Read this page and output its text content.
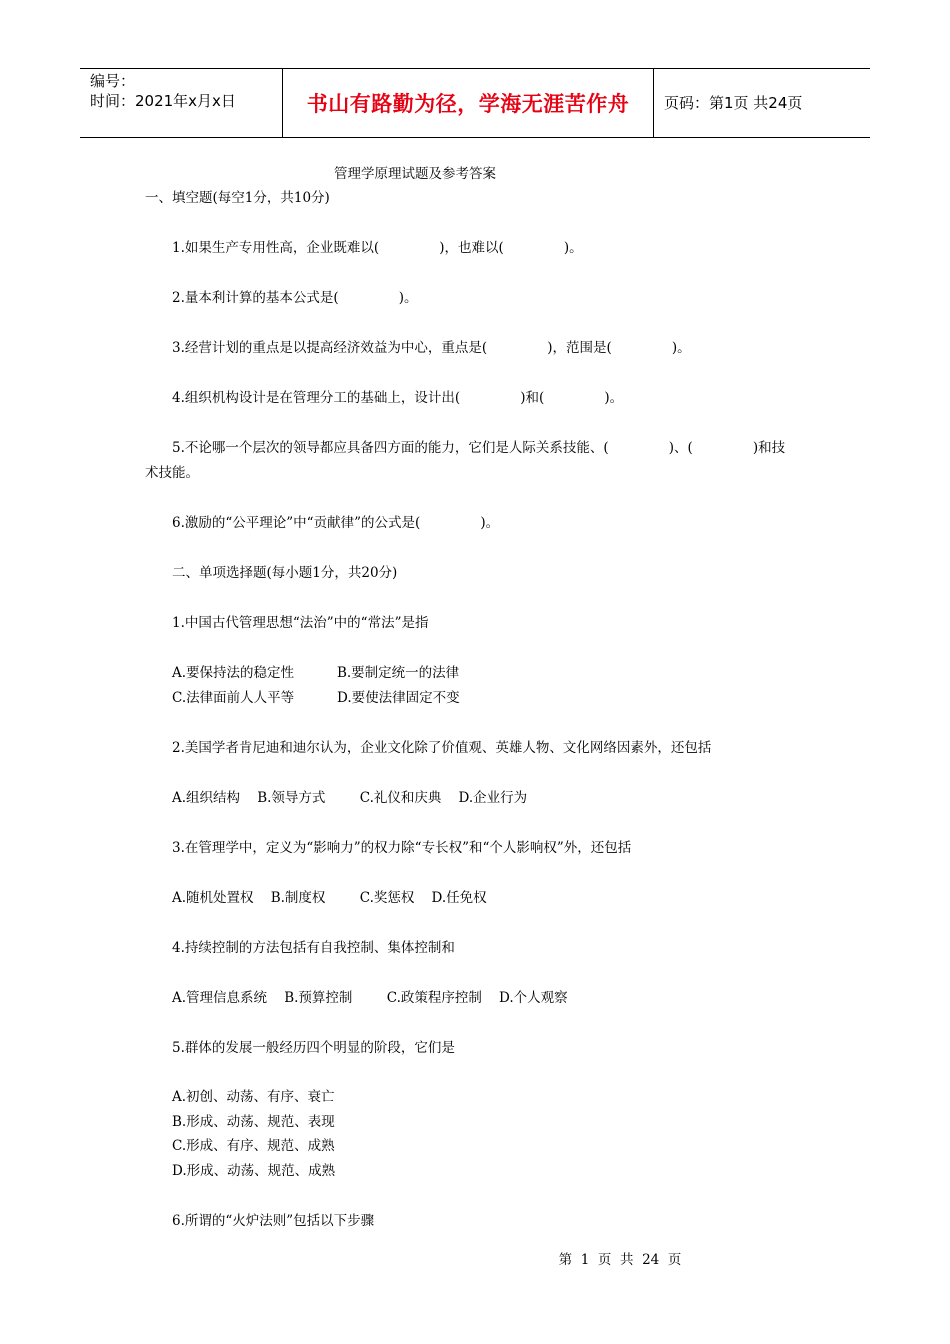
编号：
时间：2021年x月x日	书山有路勤为径，学海无涯苦作舟 页码：第1页 共24页
管理学原理试题及参考答案
一、填空题(每空1分，共10分)
1.如果生产专用性高，企业既难以(              )，也难以(              )。
2.量本利计算的基本公式是(              )。
3.经营计划的重点是以提高经济效益为中心，重点是(              )，范围是(              )。
4.组织机构设计是在管理分工的基础上，设计出(              )和(              )。
5.不论哪一个层次的领导都应具备四方面的能力，它们是人际关系技能、(              )、(              )和技
术技能。
6.激励的“公平理论”中“贡献律”的公式是(              )。
二、单项选择题(每小题1分，共20分)
1.中国古代管理思想“法治”中的“常法”是指
A.要保持法的稳定性          B.要制定统一的法律
C.法律面前人人平等          D.要使法律固定不变
2.美国学者肯尼迪和迪尔认为，企业文化除了价值观、英雄人物、文化网络因素外，还包括
A.组织结构    B.领导方式        C.礼仪和庆典    D.企业行为
3.在管理学中，定义为“影响力”的权力除“专长权”和“个人影响权”外，还包括
A.随机处置权    B.制度权        C.奖惩权    D.任免权
4.持续控制的方法包括有自我控制、集体控制和
A.管理信息系统    B.预算控制        C.政策程序控制    D.个人观察
5.群体的发展一般经历四个明显的阶段，它们是
A.初创、动荡、有序、衰亡
B.形成、动荡、规范、表现
C.形成、有序、规范、成熟
D.形成、动荡、规范、成熟
6.所谓的“火炉法则”包括以下步骤
第  1  页  共  24  页
